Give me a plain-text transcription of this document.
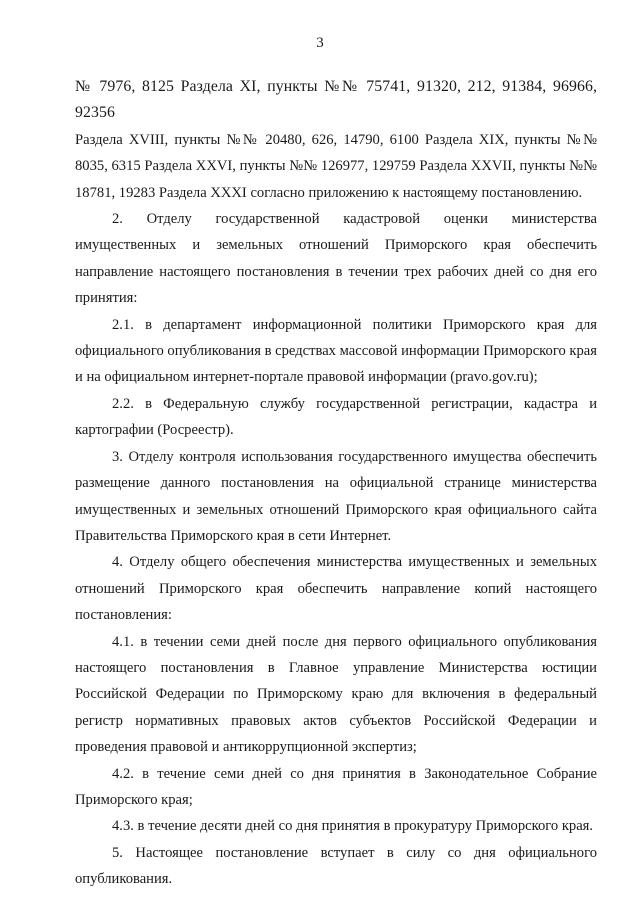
3

№ 7976, 8125 Раздела XI, пункты №№ 75741, 91320, 212, 91384, 96966, 92356

Раздела XVIII, пункты №№ 20480, 626, 14790, 6100 Раздела XIX, пункты №№ 8035, 6315 Раздела XXVI, пункты №№ 126977, 129759 Раздела XXVII, пункты №№ 18781, 19283 Раздела XXXI согласно приложению к настоящему постановлению.

2. Отделу государственной кадастровой оценки министерства имущественных и земельных отношений Приморского края обеспечить направление настоящего постановления в течении трех рабочих дней со дня его принятия:

2.1. в департамент информационной политики Приморского края для официального опубликования в средствах массовой информации Приморского края и на официальном интернет-портале правовой информации (pravo.gov.ru);

2.2. в Федеральную службу государственной регистрации, кадастра и картографии (Росреестр).

3. Отделу контроля использования государственного имущества обеспечить размещение данного постановления на официальной странице министерства имущественных и земельных отношений Приморского края официального сайта Правительства Приморского края в сети Интернет.

4. Отделу общего обеспечения министерства имущественных и земельных отношений Приморского края обеспечить направление копий настоящего постановления:

4.1. в течении семи дней после дня первого официального опубликования настоящего постановления в Главное управление Министерства юстиции Российской Федерации по Приморскому краю для включения в федеральный регистр нормативных правовых актов субъектов Российской Федерации и проведения правовой и антикоррупционной экспертиз;

4.2. в течение семи дней со дня принятия в Законодательное Собрание Приморского края;

4.3. в течение десяти дней со дня принятия в прокуратуру Приморского края.

5. Настоящее постановление вступает в силу со дня официального опубликования.
